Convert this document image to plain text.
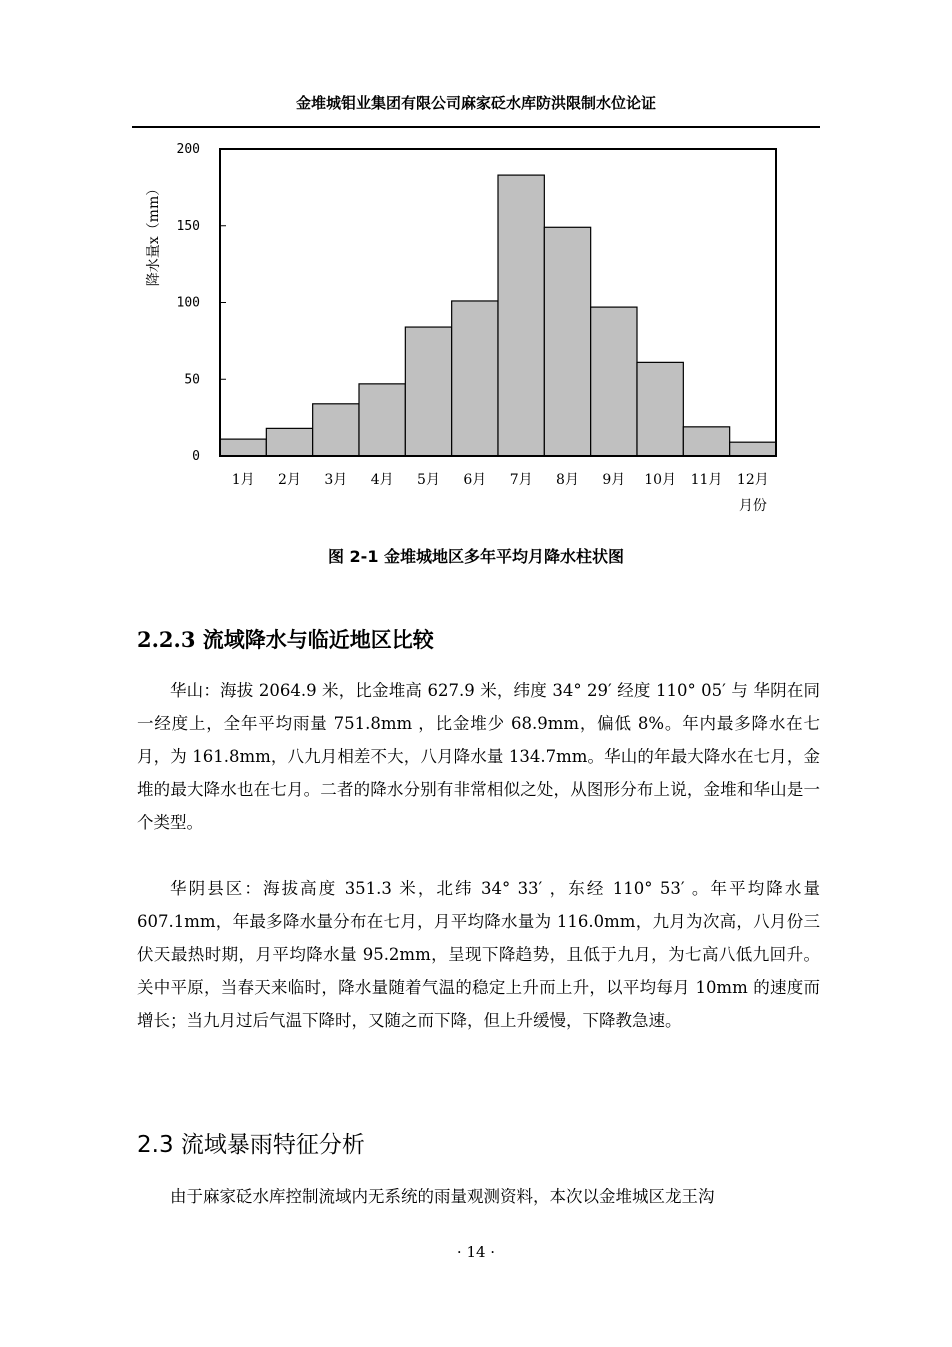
金堆城钼业集团有限公司麻家砭水库防洪限制水位论证
0
50
100
150
200
1月 2月 3月 4月 5月 6月 7月 8月 9月 10月 11月 12月
降水量x（mm）
月份
图 2-1 金堆城地区多年平均月降水柱状图
2.2.3 流域降水与临近地区比较

华山：海拔 2064.9 米，比金堆高 627.9 米，纬度 34° 29′ 经度 110° 05′ 与 华阴在同一经度上，全年平均雨量 751.8mm ，比金堆少 68.9mm，偏低 8%。年内最多降水在七月，为 161.8mm，八九月相差不大，八月降水量 134.7mm。华山的年最大降水在七月，金堆的最大降水也在七月。二者的降水分别有非常相似之处，从图形分布上说，金堆和华山是一个类型。

华阴县区：海拔高度 351.3 米，北纬 34° 33′ ，东经 110° 53′ 。年平均降水量 607.1mm，年最多降水量分布在七月，月平均降水量为 116.0mm，九月为次高，八月份三伏天最热时期，月平均降水量 95.2mm，呈现下降趋势，且低于九月，为七高八低九回升。关中平原，当春天来临时，降水量随着气温的稳定上升而上升，以平均每月 10mm 的速度而增长；当九月过后气温下降时，又随之而下降，但上升缓慢，下降教急速。

2.3 流域暴雨特征分析

由于麻家砭水库控制流域内无系统的雨量观测资料，本次以金堆城区龙王沟

· 14 ·
